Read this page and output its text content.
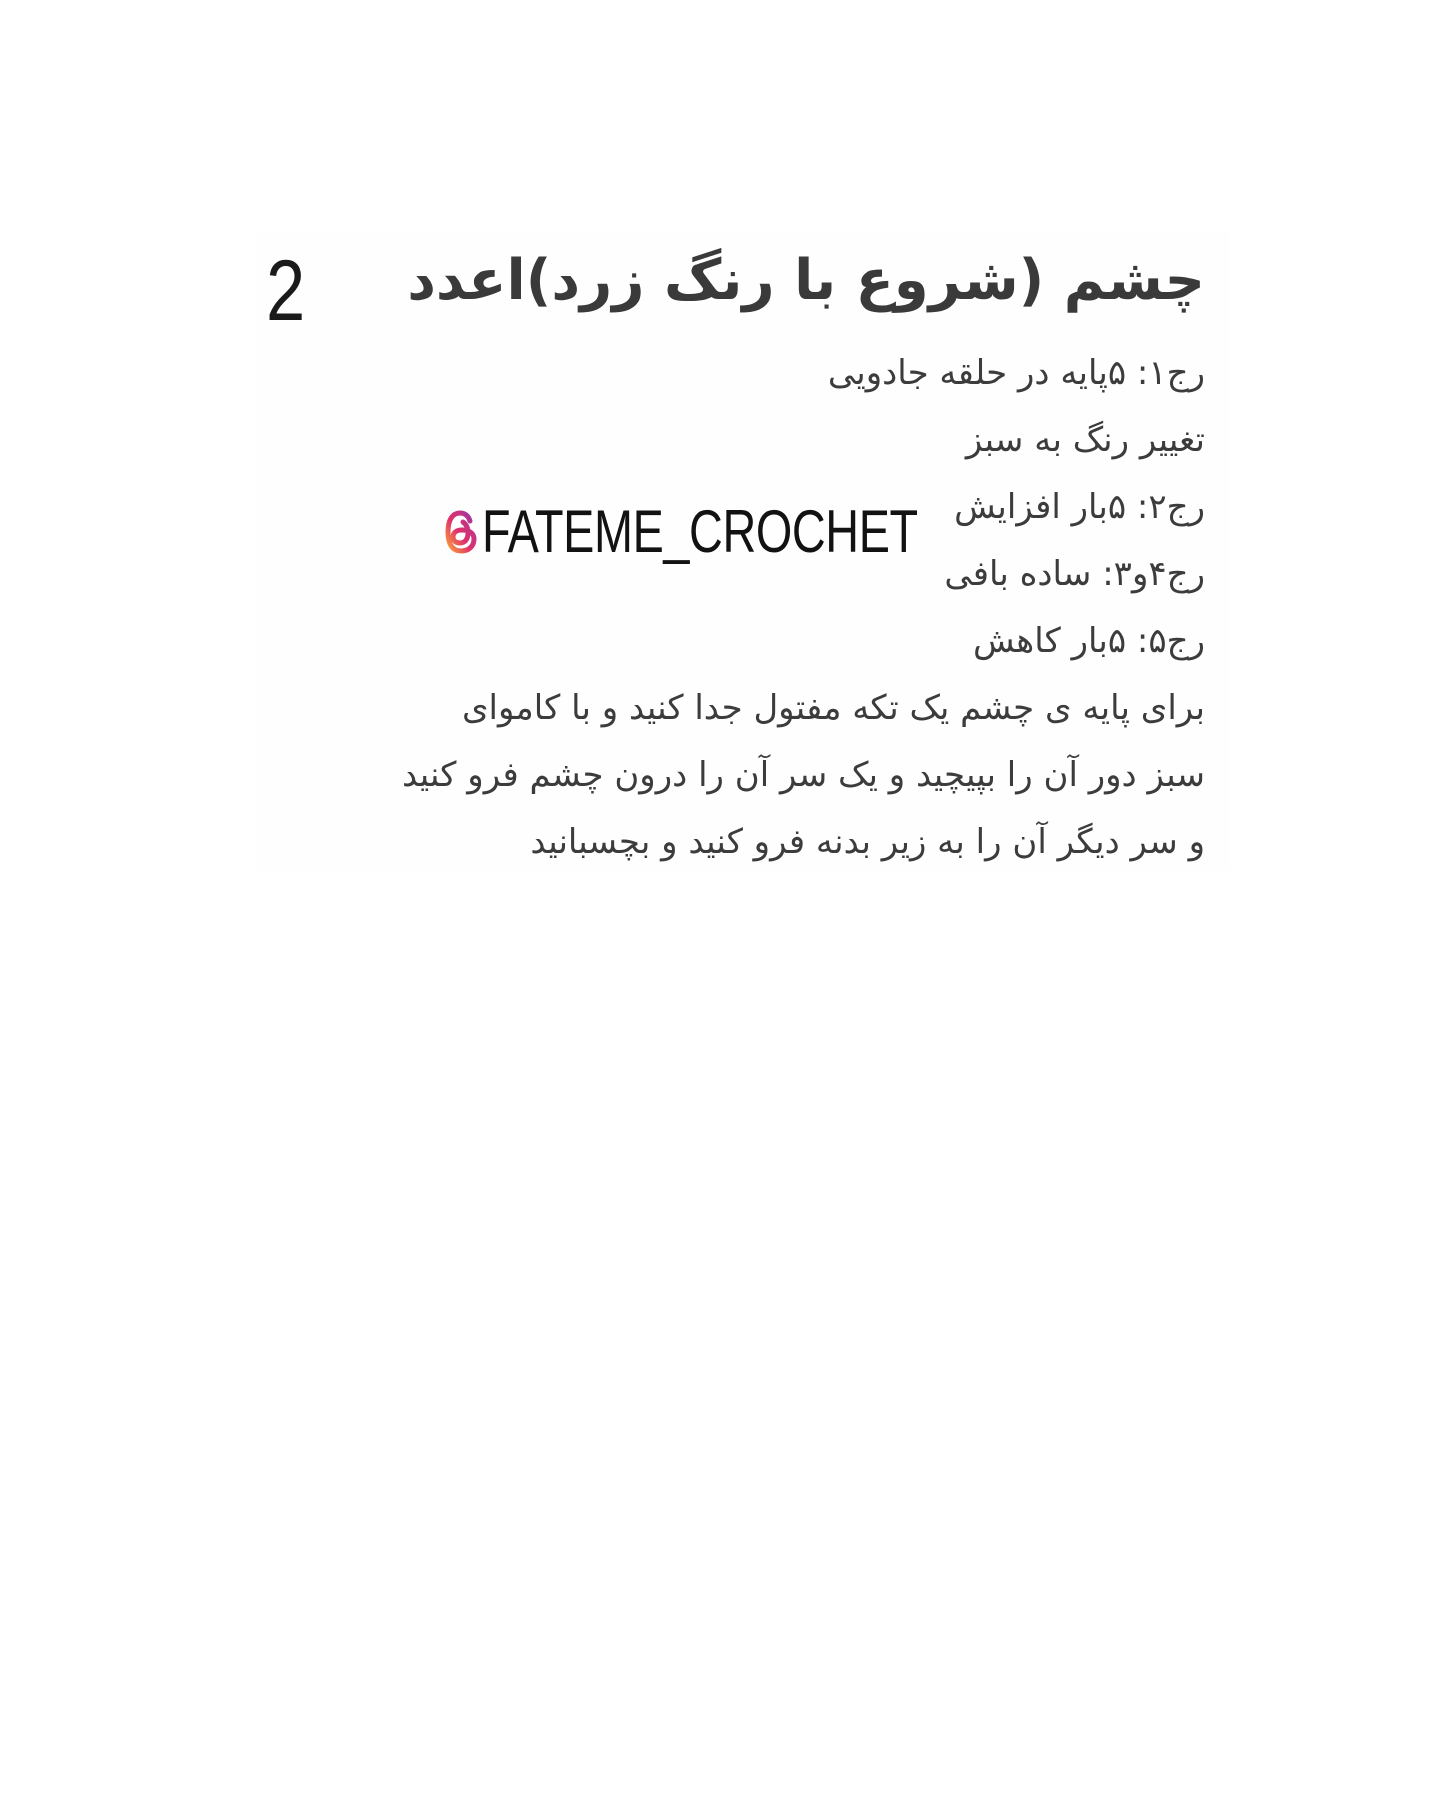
2	چشم (شروع با رنگ زرد)اعدد
رج۱: ۵پایه در حلقه جادویی
تغییر رنگ به سبز
رج۲: ۵بار افزایش
رج۴و۳: ساده بافی
رج۵: ۵بار کاهش
برای پایه ی چشم یک تکه مفتول جدا کنید و با کاموای
سبز دور آن را بپیچید و یک سر آن را درون چشم فرو کنید
و سر دیگر آن را به زیر بدنه فرو کنید و بچسبانید
FATEME_CROCHET
